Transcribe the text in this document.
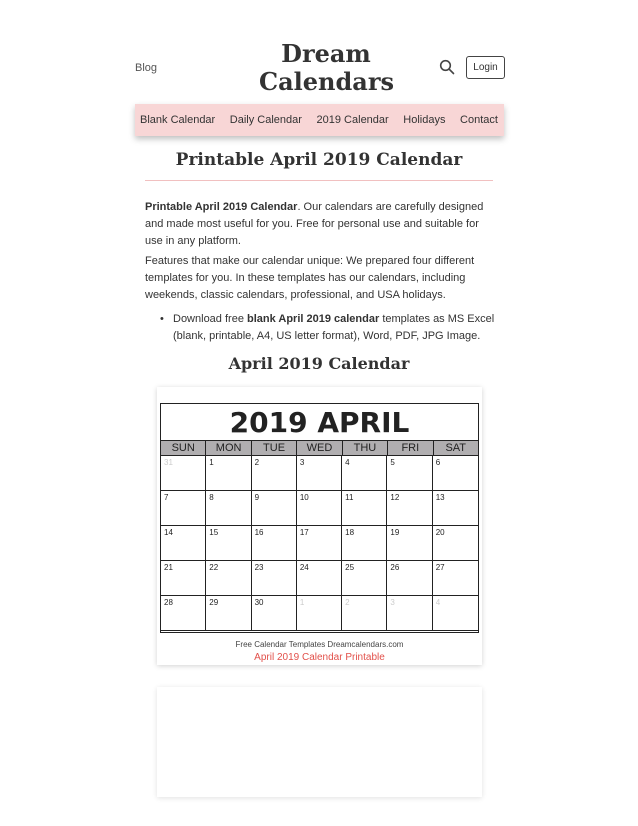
Blog	Dream
Calendars	Login
Blank Calendar Daily Calendar 2019 Calendar Holidays Contact
Printable April 2019 Calendar

Printable April 2019 Calendar. Our calendars are carefully designed and made most useful for you. Free for personal use and suitable for use in any platform.

Features that make our calendar unique: We prepared four different templates for you. In these templates has our calendars, including weekends, classic calendars, professional, and USA holidays.

• Download free blank April 2019 calendar templates as MS Excel (blank, printable, A4, US letter format), Word, PDF, JPG Image.
April 2019 Calendar
2019 APRIL
SUN	MON	TUE	WED	THU	FRI	SAT
31	1	2	3	4	5	6
7	8	9	10	11	12	13
14	15	16	17	18	19	20
21	22	23	24	25	26	27
28	29	30	1	2	3	4
Free Calendar Templates Dreamcalendars.com
April 2019 Calendar Printable
